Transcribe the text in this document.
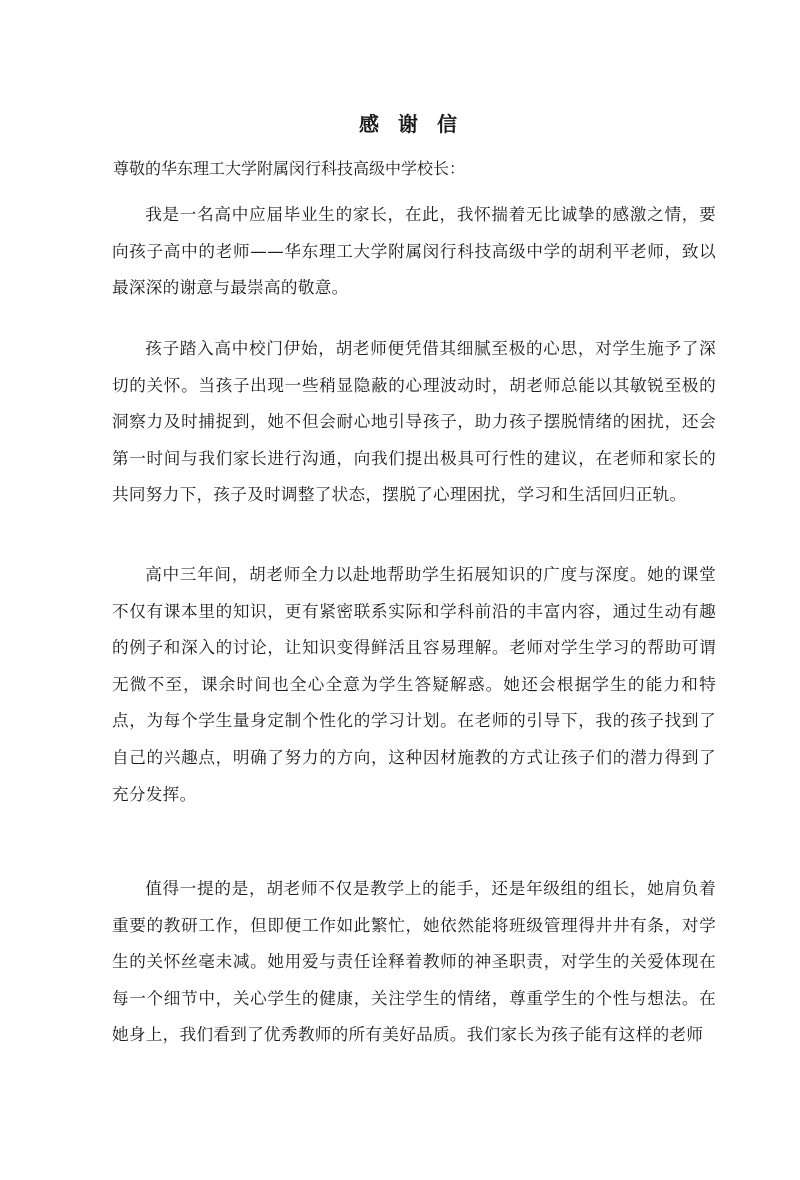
感 谢 信
尊敬的华东理工大学附属闵行科技高级中学校长：

我是一名高中应届毕业生的家长，在此，我怀揣着无比诚挚的感激之情，要向孩子高中的老师——华东理工大学附属闵行科技高级中学的胡利平老师，致以最深深的谢意与最崇高的敬意。

孩子踏入高中校门伊始，胡老师便凭借其细腻至极的心思，对学生施予了深切的关怀。当孩子出现一些稍显隐蔽的心理波动时，胡老师总能以其敏锐至极的洞察力及时捕捉到，她不但会耐心地引导孩子，助力孩子摆脱情绪的困扰，还会第一时间与我们家长进行沟通，向我们提出极具可行性的建议，在老师和家长的共同努力下，孩子及时调整了状态，摆脱了心理困扰，学习和生活回归正轨。

高中三年间，胡老师全力以赴地帮助学生拓展知识的广度与深度。她的课堂不仅有课本里的知识，更有紧密联系实际和学科前沿的丰富内容，通过生动有趣的例子和深入的讨论，让知识变得鲜活且容易理解。老师对学生学习的帮助可谓无微不至，课余时间也全心全意为学生答疑解惑。她还会根据学生的能力和特点，为每个学生量身定制个性化的学习计划。在老师的引导下，我的孩子找到了自己的兴趣点，明确了努力的方向，这种因材施教的方式让孩子们的潜力得到了充分发挥。

值得一提的是，胡老师不仅是教学上的能手，还是年级组的组长，她肩负着重要的教研工作，但即便工作如此繁忙，她依然能将班级管理得井井有条，对学生的关怀丝毫未减。她用爱与责任诠释着教师的神圣职责，对学生的关爱体现在每一个细节中，关心学生的健康，关注学生的情绪，尊重学生的个性与想法。在她身上，我们看到了优秀教师的所有美好品质。我们家长为孩子能有这样的老师
